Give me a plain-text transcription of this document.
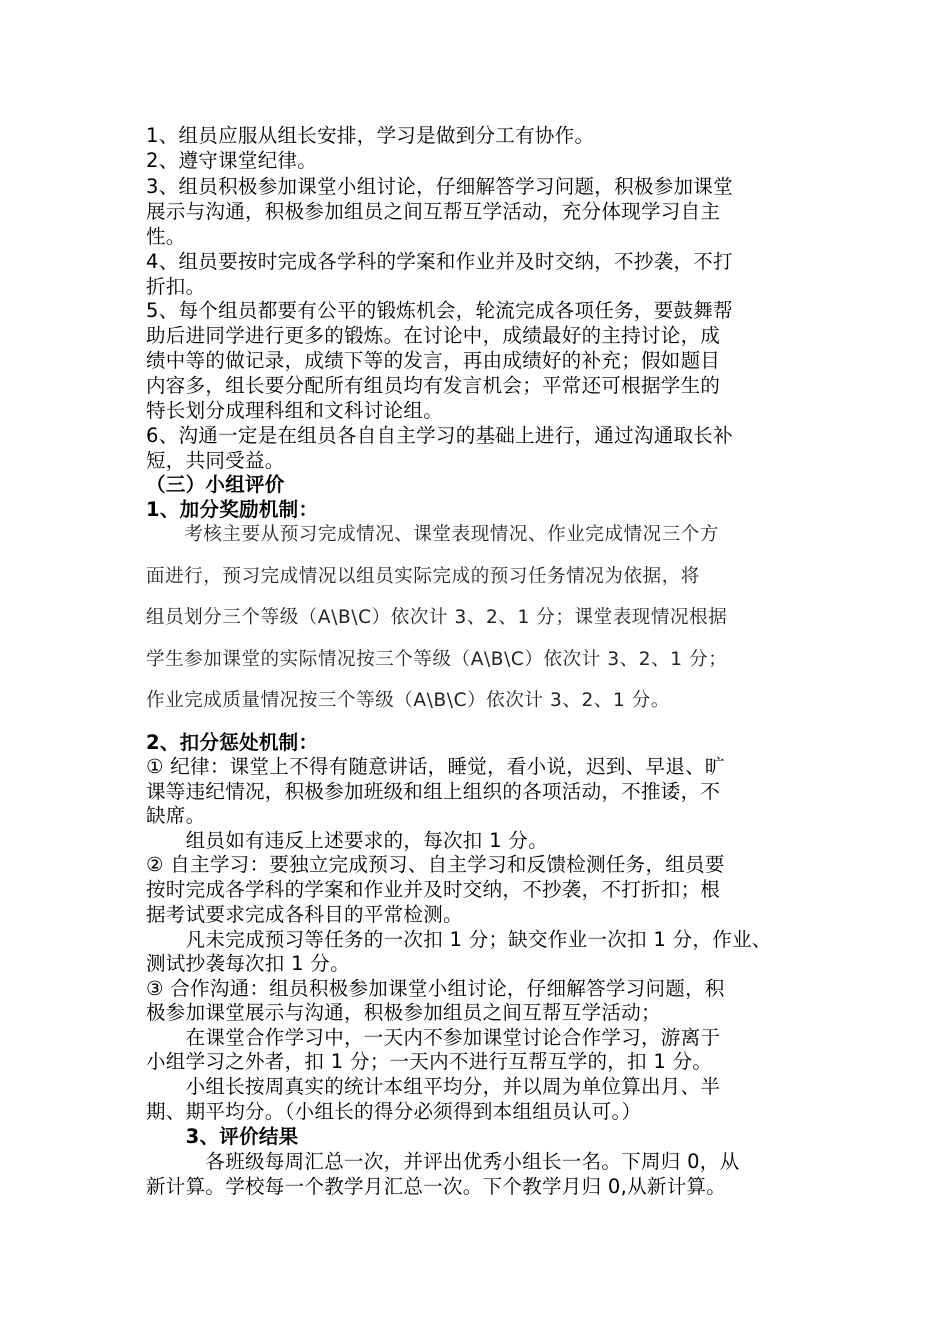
1、组员应服从组长安排，学习是做到分工有协作。
2、遵守课堂纪律。
3、组员积极参加课堂小组讨论，仔细解答学习问题，积极参加课堂
展示与沟通，积极参加组员之间互帮互学活动，充分体现学习自主
性。
4、组员要按时完成各学科的学案和作业并及时交纳，不抄袭，不打
折扣。
5、每个组员都要有公平的锻炼机会，轮流完成各项任务，要鼓舞帮
助后进同学进行更多的锻炼。在讨论中，成绩最好的主持讨论，成
绩中等的做记录，成绩下等的发言，再由成绩好的补充；假如题目
内容多，组长要分配所有组员均有发言机会；平常还可根据学生的
特长划分成理科组和文科讨论组。
6、沟通一定是在组员各自自主学习的基础上进行，通过沟通取长补
短，共同受益。
（三）小组评价
1、加分奖励机制：
　　考核主要从预习完成情况、课堂表现情况、作业完成情况三个方
面进行，预习完成情况以组员实际完成的预习任务情况为依据，将
组员划分三个等级（A\B\C）依次计 3、2、1 分；课堂表现情况根据
学生参加课堂的实际情况按三个等级（A\B\C）依次计 3、2、1 分；
作业完成质量情况按三个等级（A\B\C）依次计 3、2、1 分。
2、扣分惩处机制：
① 纪律：课堂上不得有随意讲话，睡觉，看小说，迟到、早退、旷
课等违纪情况，积极参加班级和组上组织的各项活动，不推诿，不
缺席。
　　组员如有违反上述要求的，每次扣 1 分。
② 自主学习：要独立完成预习、自主学习和反馈检测任务，组员要
按时完成各学科的学案和作业并及时交纳，不抄袭，不打折扣；根
据考试要求完成各科目的平常检测。
　　凡未完成预习等任务的一次扣 1 分；缺交作业一次扣 1 分，作业、
测试抄袭每次扣 1 分。
③ 合作沟通：组员积极参加课堂小组讨论，仔细解答学习问题，积
极参加课堂展示与沟通，积极参加组员之间互帮互学活动；
　　在课堂合作学习中，一天内不参加课堂讨论合作学习，游离于
小组学习之外者，扣 1 分；一天内不进行互帮互学的，扣 1 分。
　　小组长按周真实的统计本组平均分，并以周为单位算出月、半
期、期平均分。（小组长的得分必须得到本组组员认可。）
　　3、评价结果
　　　各班级每周汇总一次，并评出优秀小组长一名。下周归 0，从
新计算。学校每一个教学月汇总一次。下个教学月归 0,从新计算。
